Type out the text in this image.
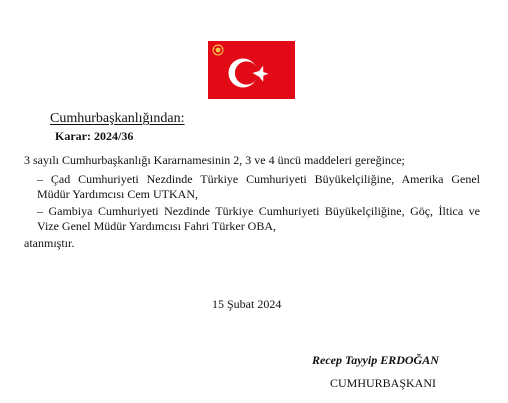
Cumhurbaşkanlığından:
Karar: 2024/36
3 sayılı Cumhurbaşkanlığı Kararnamesinin 2, 3 ve 4 üncü maddeleri gereğince;
– Çad Cumhuriyeti Nezdinde Türkiye Cumhuriyeti Büyükelçiliğine, Amerika Genel
Müdür Yardımcısı Cem UTKAN,
– Gambiya Cumhuriyeti Nezdinde Türkiye Cumhuriyeti Büyükelçiliğine, Göç, İltica ve
Vize Genel Müdür Yardımcısı Fahri Türker OBA,
atanmıştır.
15 Şubat 2024
Recep Tayyip ERDOĞAN
CUMHURBAŞKANI
